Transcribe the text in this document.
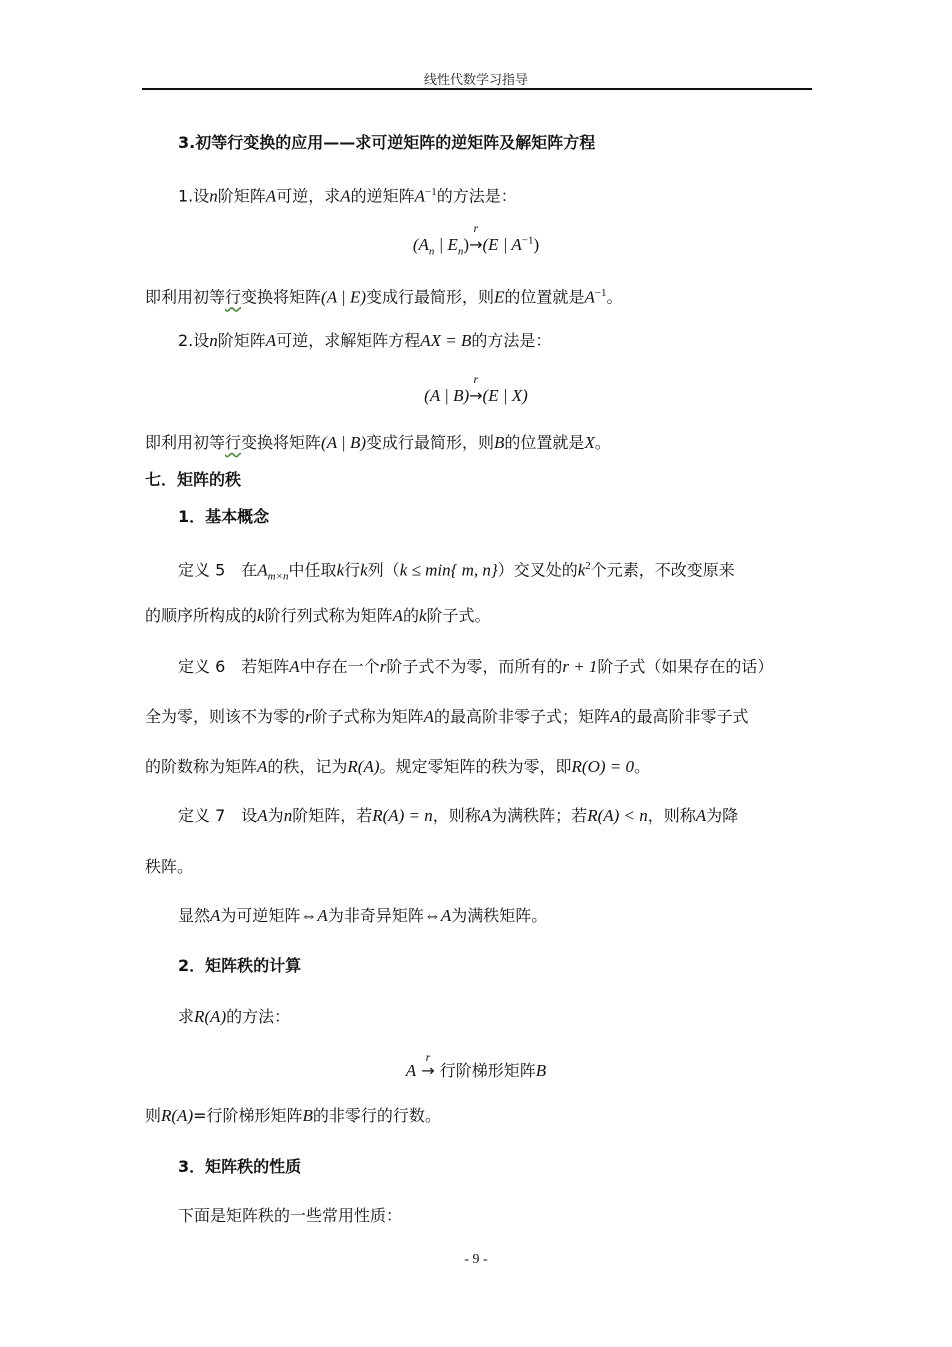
线性代数学习指导
3.初等行变换的应用——求可逆矩阵的逆矩阵及解矩阵方程
1.设n阶矩阵A可逆，求A的逆矩阵$A^{-1}$的方法是：
($A_n$ | $E_n)\to$
r
(E | $A^{-1}$)
即利用初等行变换将矩阵(A | E)变成行最简形，则E的位置就是$A^{-1}$。
2.设n阶矩阵A可逆，求解矩阵方程AX = B的方法是：
(A | B)→
r
(E | X)
即利用初等行变换将矩阵(A | B)变成行最简形，则B的位置就是X。
七．矩阵的秩
1．基本概念
定义 5　在$A_{m\times n}$中任取k行k列（k ≤ min{ m, n}）交叉处的$k^2$个元素，不改变原来
的顺序所构成的k阶行列式称为矩阵A的k阶子式。
定义 6　若矩阵A中存在一个r阶子式不为零，而所有的r + 1阶子式（如果存在的话）
全为零，则该不为零的r阶子式称为矩阵A的最高阶非零子式；矩阵A的最高阶非零子式
的阶数称为矩阵A的秩，记为R(A)。规定零矩阵的秩为零，即R(O) = 0。
定义 7　设A为n阶矩阵，若R(A) = n，则称A为满秩阵；若R(A) < n，则称A为降
秩阵。
显然A为可逆矩阵⇔A为非奇异矩阵⇔A为满秩矩阵。
2．矩阵秩的计算
求R(A)的方法：
A →
r
行阶梯形矩阵B
则R(A)=行阶梯形矩阵B的非零行的行数。
3．矩阵秩的性质
下面是矩阵秩的一些常用性质：
- 9 -
